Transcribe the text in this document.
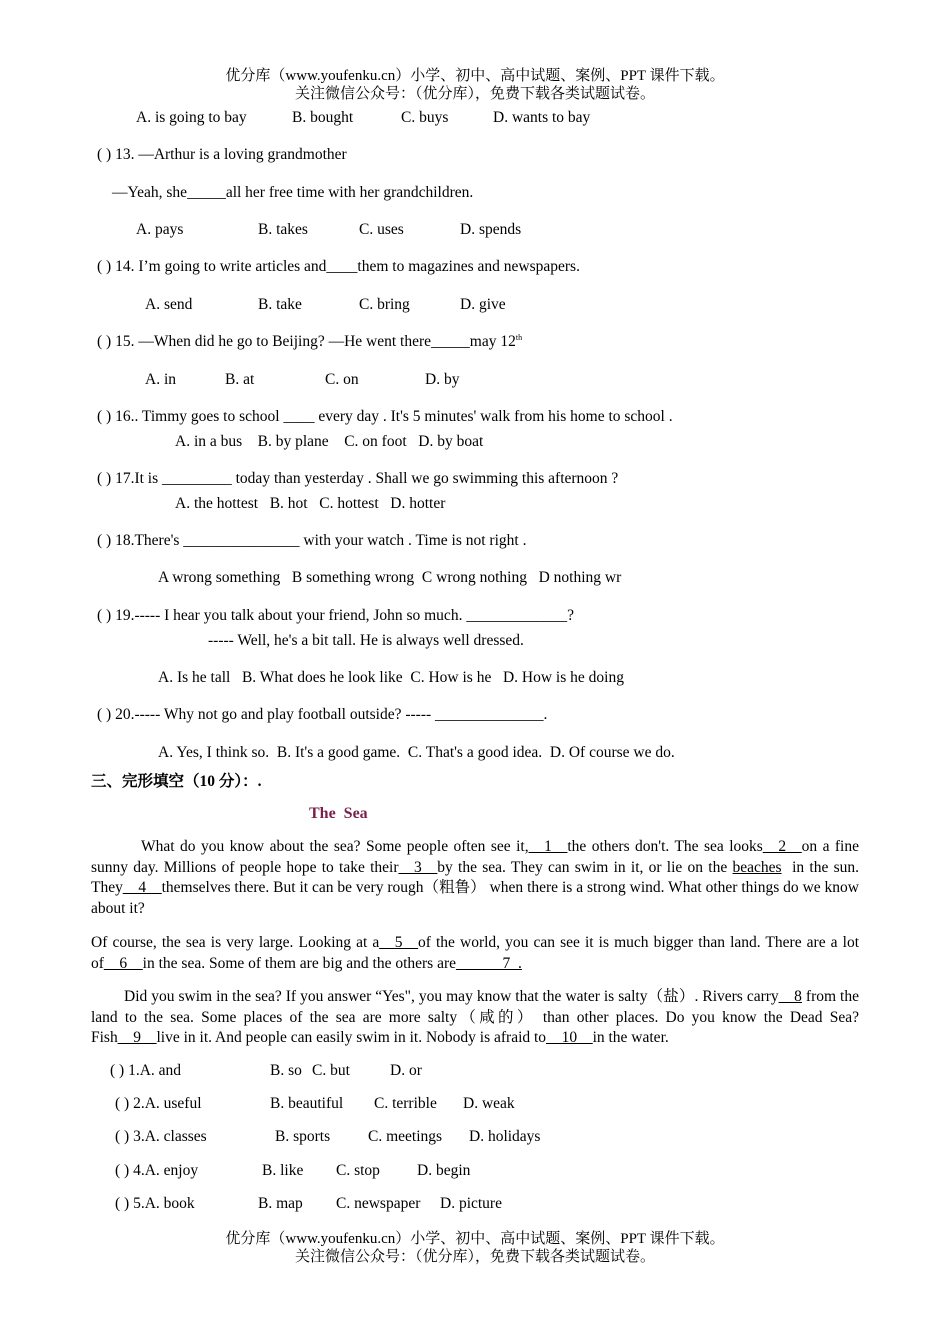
优分库（www.youfenku.cn）小学、初中、高中试题、案例、PPT 课件下载。
关注微信公众号：（优分库），免费下载各类试题试卷。
A. is going to bay	B. bought	C. buys	D. wants to bay
( ) 13. —Arthur is a loving grandmother
—Yeah, she_____all her free time with her grandchildren.
A. pays	B. takes	C. uses	D. spends
( ) 14. I’m going to write articles and____them to magazines and newspapers.
A. send	B. take	C. bring	D. give
( ) 15. —When did he go to Beijing? —He went there_____may 12th
A. in	B. at	C. on	D. by
( ) 16.. Timmy goes to school ____ every day . It's 5 minutes' walk from his home to school .
A. in a bus    B. by plane    C. on foot   D. by boat
( ) 17.It is _________ today than yesterday . Shall we go swimming this afternoon ?
A. the hottest   B. hot   C. hottest   D. hotter
( ) 18.There's _______________ with your watch . Time is not right .
A wrong something   B something wrong  C wrong nothing   D nothing wr
( ) 19.----- I hear you talk about your friend, John so much. _____________?
----- Well, he's a bit tall. He is always well dressed.
A. Is he tall   B. What does he look like  C. How is he   D. How is he doing
( ) 20.----- Why not go and play football outside? ----- ______________.
A. Yes, I think so.  B. It's a good game.  C. That's a good idea.  D. Of course we do.
三、完形填空（10 分）：.
The  Sea
What do you know about the sea? Some people often see it,__1__the others don't. The sea looks__2__on a fine sunny day. Millions of people hope to take their__3__by the sea. They can swim in it, or lie on the beaches  in the sun. They__4__themselves there. But it can be very rough（粗鲁） when there is a strong wind. What other things do we know about it?
Of course, the sea is very large. Looking at a__5__of the world, you can see it is much bigger than land. There are a lot of__6__in the sea. Some of them are big and the others are______7_.
Did you swim in the sea? If you answer “Yes", you may know that the water is salty（盐）. Rivers carry__8 from the land to the sea. Some places of the sea are more salty（咸的） than other places. Do you know the Dead Sea? Fish__9__live in it. And people can easily swim in it. Nobody is afraid to__10__in the water.
( ) 1.A. and	B. so C. but	D. or
( ) 2.A. useful	B. beautiful C. terrible D. weak
( ) 3.A. classes	B. sports C. meetings D. holidays
( ) 4.A. enjoy	B. like C. stop D. begin
( ) 5.A. book	B. map C. newspaper D. picture
优分库（www.youfenku.cn）小学、初中、高中试题、案例、PPT 课件下载。
关注微信公众号：（优分库），免费下载各类试题试卷。
